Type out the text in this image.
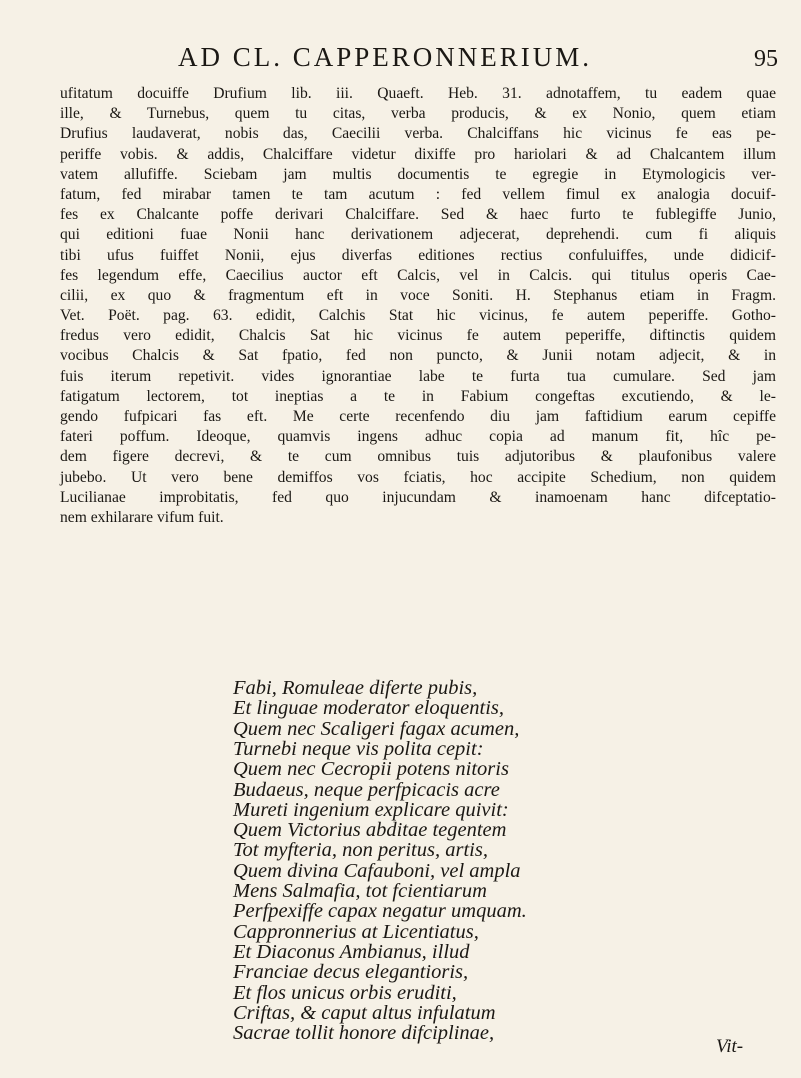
AD CL. CAPPERONNERIUM.	95
ufitatum docuiffe Drufium lib. iii. Quaeft. Heb. 31. adnotaffem, tu eadem quae
ille, & Turnebus, quem tu citas, verba producis, & ex Nonio, quem etiam
Drufius laudaverat, nobis das, Caecilii verba. Chalciffans hic vicinus fe eas pe-
periffe vobis. & addis, Chalciffare videtur dixiffe pro hariolari & ad Chalcantem illum
vatem allufiffe. Sciebam jam multis documentis te egregie in Etymologicis ver-
fatum, fed mirabar tamen te tam acutum : fed vellem fimul ex analogia docuif-
fes ex Chalcante poffe derivari Chalciffare. Sed & haec furto te fublegiffe Junio,
qui editioni fuae Nonii hanc derivationem adjecerat, deprehendi. cum fi aliquis
tibi ufus fuiffet Nonii, ejus diverfas editiones rectius confuluiffes, unde didicif-
fes legendum effe, Caecilius auctor eft Calcis, vel in Calcis. qui titulus operis Cae-
cilii, ex quo & fragmentum eft in voce Soniti. H. Stephanus etiam in Fragm.
Vet. Poët. pag. 63. edidit, Calchis Stat hic vicinus, fe autem peperiffe. Gotho-
fredus vero edidit, Chalcis Sat hic vicinus fe autem peperiffe, diftinctis quidem
vocibus Chalcis & Sat fpatio, fed non puncto, & Junii notam adjecit, & in
fuis iterum repetivit. vides ignorantiae labe te furta tua cumulare. Sed jam
fatigatum lectorem, tot ineptias a te in Fabium congeftas excutiendo, & le-
gendo fufpicari fas eft. Me certe recenfendo diu jam faftidium earum cepiffe
fateri poffum. Ideoque, quamvis ingens adhuc copia ad manum fit, hîc pe-
dem figere decrevi, & te cum omnibus tuis adjutoribus & plaufonibus valere
jubebo. Ut vero bene demiffos vos fciatis, hoc accipite Schedium, non quidem
Lucilianae improbitatis, fed quo injucundam & inamoenam hanc difceptatio-
nem exhilarare vifum fuit.
Fabi, Romuleae diferte pubis,
Et linguae moderator eloquentis,
Quem nec Scaligeri fagax acumen,
Turnebi neque vis polita cepit:
Quem nec Cecropii potens nitoris
Budaeus, neque perfpicacis acre
Mureti ingenium explicare quivit:
Quem Victorius abditae tegentem
Tot myfteria, non peritus, artis,
Quem divina Cafauboni, vel ampla
Mens Salmafia, tot fcientiarum
Perfpexiffe capax negatur umquam.
Cappronnerius at Licentiatus,
Et Diaconus Ambianus, illud
Franciae decus elegantioris,
Et flos unicus orbis eruditi,
Criftas, & caput altus infulatum
Sacrae tollit honore difciplinae,
Vit-
